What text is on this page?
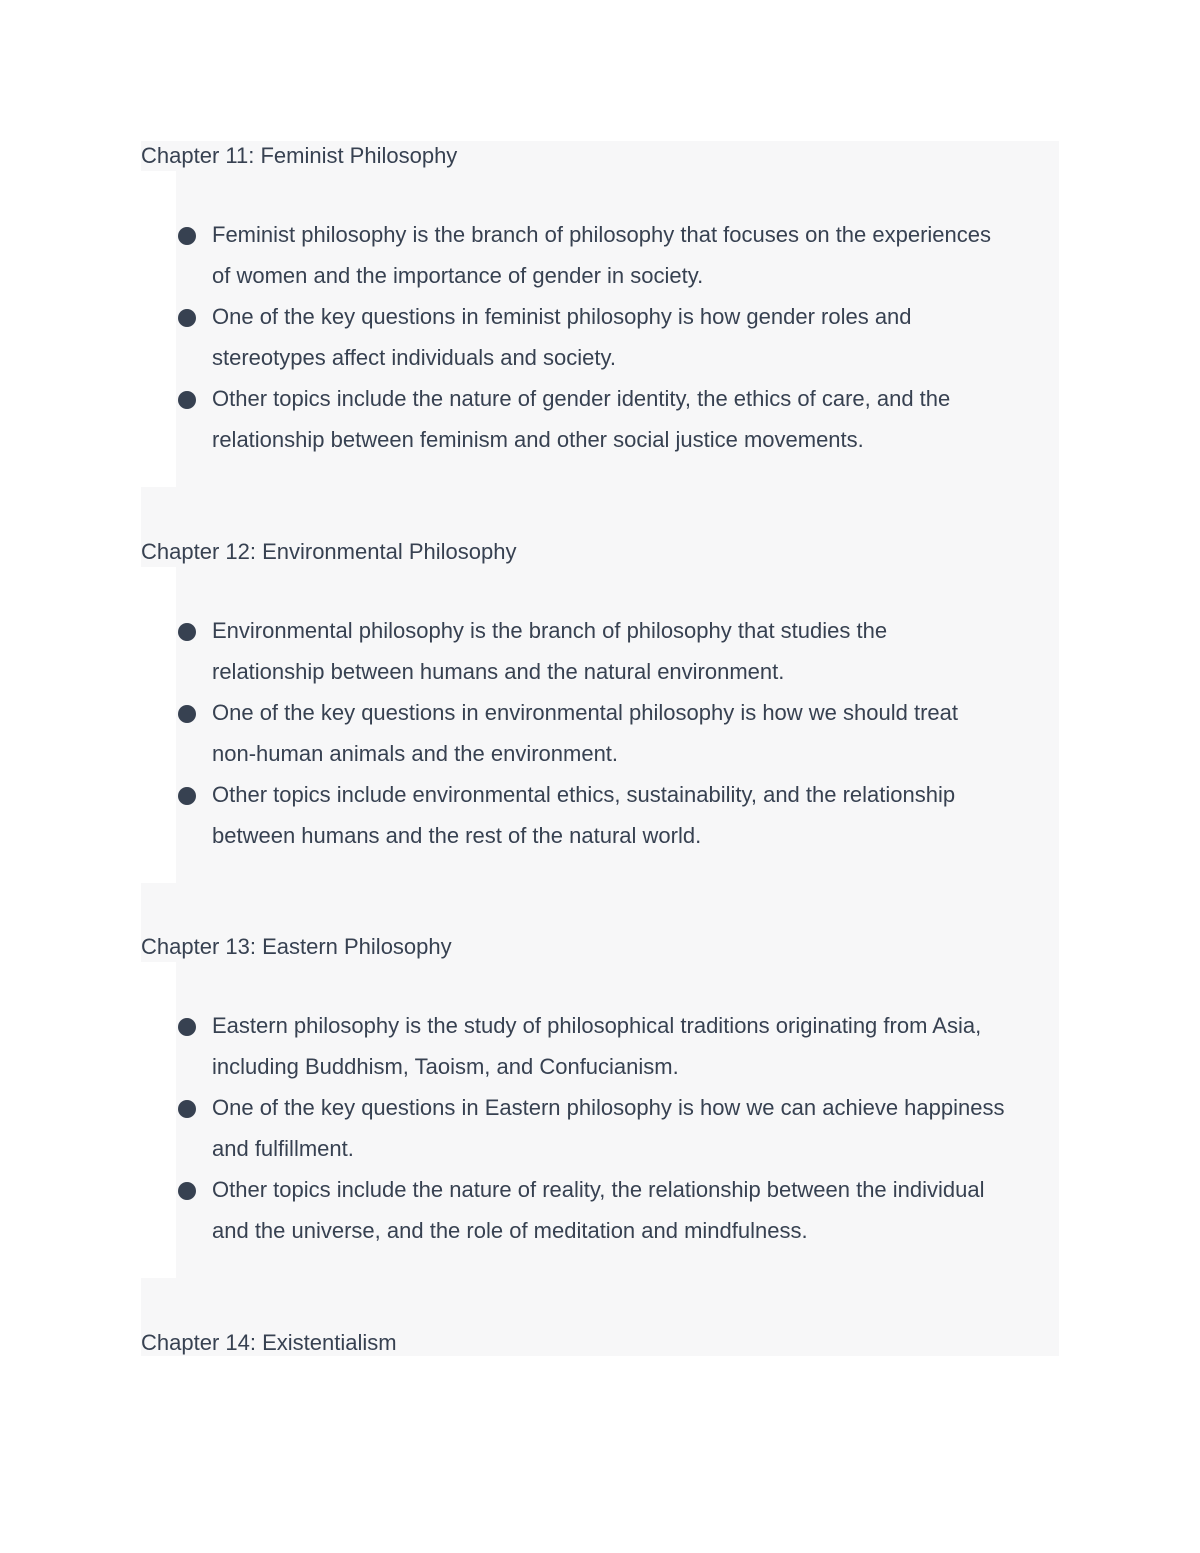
Chapter 11: Feminist Philosophy
Feminist philosophy is the branch of philosophy that focuses on the experiences
of women and the importance of gender in society.
One of the key questions in feminist philosophy is how gender roles and
stereotypes affect individuals and society.
Other topics include the nature of gender identity, the ethics of care, and the
relationship between feminism and other social justice movements.
Chapter 12: Environmental Philosophy
Environmental philosophy is the branch of philosophy that studies the
relationship between humans and the natural environment.
One of the key questions in environmental philosophy is how we should treat
non-human animals and the environment.
Other topics include environmental ethics, sustainability, and the relationship
between humans and the rest of the natural world.
Chapter 13: Eastern Philosophy
Eastern philosophy is the study of philosophical traditions originating from Asia,
including Buddhism, Taoism, and Confucianism.
One of the key questions in Eastern philosophy is how we can achieve happiness
and fulfillment.
Other topics include the nature of reality, the relationship between the individual
and the universe, and the role of meditation and mindfulness.
Chapter 14: Existentialism
